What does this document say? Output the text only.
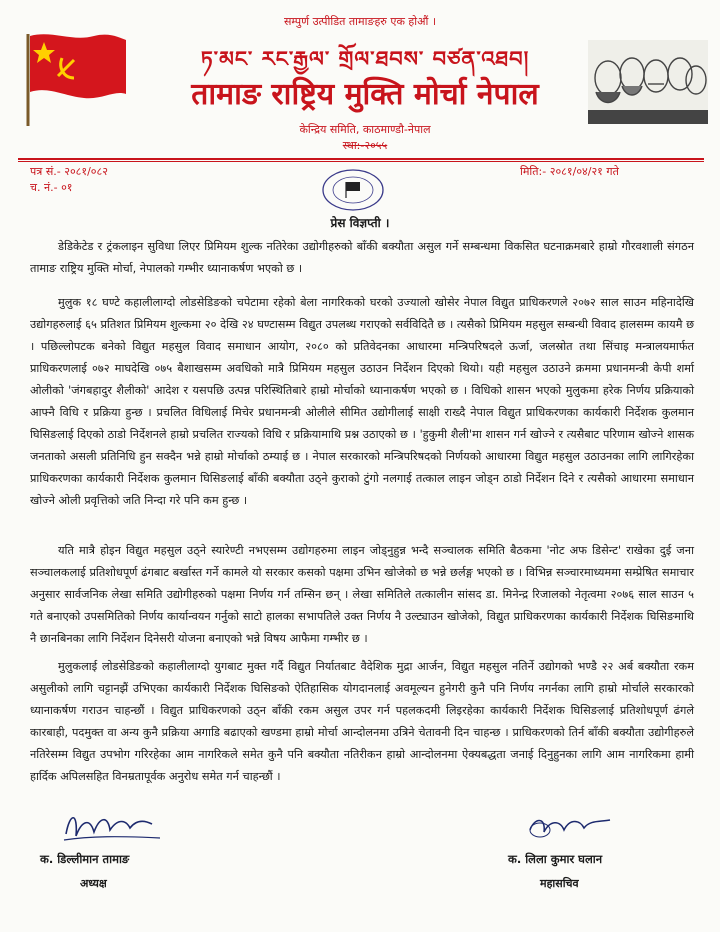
सम्पुर्ण उत्पीडित तामाङहरु एक होऔं ।
ཏ་མང་ རང་རྒྱལ་ གྲོལ་ཐབས་ བཙན་འཐབ།
तामाङ राष्ट्रिय मुक्ति मोर्चा नेपाल
केन्द्रिय समिति, काठमाण्डौ-नेपाल
स्था:-२०५५
पत्र सं.- २०८१/०८२
च. नं.- ०१
मिति:- २०८१/०४/२१ गते
प्रेस विज्ञप्ती ।

डेडिकेटेड र ट्रंकलाइन सुविधा लिएर प्रिमियम शुल्क नतिरेका उद्योगीहरुको बाँकी बक्यौता असुल गर्ने सम्बन्धमा विकसित घटनाक्रमबारे हाम्रो गौरवशाली संगठन तामाङ राष्ट्रिय मुक्ति मोर्चा, नेपालको गम्भीर ध्यानाकर्षण भएको छ ।

मुलुक १८ घण्टे कहालीलाग्दो लोडसेडिङको चपेटामा रहेको बेला नागरिकको घरको उज्यालो खोसेर नेपाल विद्युत प्राधिकरणले २०७२ साल साउन महिनादेखि उद्योगहरुलाई ६५ प्रतिशत प्रिमियम शुल्कमा २० देखि २४ घण्टासम्म विद्युत उपलब्ध गराएको सर्वविदितै छ । त्यसैको प्रिमियम महसुल सम्बन्धी विवाद हालसम्म कायमै छ । पछिल्लोपटक बनेको विद्युत महसुल विवाद समाधान आयोग, २०८० को प्रतिवेदनका आधारमा मन्त्रिपरिषदले ऊर्जा, जलस्रोत तथा सिंचाइ मन्त्रालयमार्फत प्राधिकरणलाई ०७२ माघदेखि ०७५ बैशाखसम्म अवधिको मात्रै प्रिमियम महसुल उठाउन निर्देशन दिएको थियो। यही महसुल उठाउने क्रममा प्रधानमन्त्री केपी शर्मा ओलीको 'जंगबहादुर शैलीको' आदेश र यसपछि उत्पन्न परिस्थितिबारे हाम्रो मोर्चाको ध्यानाकर्षण भएको छ । विधिको शासन भएको मुलुकमा हरेक निर्णय प्रक्रियाको आफ्नै विधि र प्रक्रिया हुन्छ । प्रचलित विधिलाई मिचेर प्रधानमन्त्री ओलीले सीमित उद्योगीलाई साक्षी राख्दै नेपाल विद्युत प्राधिकरणका कार्यकारी निर्देशक कुलमान घिसिङलाई दिएको ठाडो निर्देशनले हाम्रो प्रचलित राज्यको विधि र प्रक्रियामाथि प्रश्न उठाएको छ । 'हुकुमी शैली'मा शासन गर्न खोज्ने र त्यसैबाट परिणाम खोज्ने शासक जनताको असली प्रतिनिधि हुन सक्दैन भन्ने हाम्रो मोर्चाको ठम्याई छ । नेपाल सरकारको मन्त्रिपरिषदको निर्णयको आधारमा विद्युत महसुल उठाउनका लागि लागिरहेका प्राधिकरणका कार्यकारी निर्देशक कुलमान घिसिङलाई बाँकी बक्यौता उठ्ने कुराको टुंगो नलगाई तत्काल लाइन जोड्न ठाडो निर्देशन दिने र त्यसैको आधारमा समाधान खोज्ने ओली प्रवृत्तिको जति निन्दा गरे पनि कम हुन्छ ।

यति मात्रै होइन विद्युत महसुल उठ्ने स्यारेण्टी नभएसम्म उद्योगहरुमा लाइन जोड्नुहुन्न भन्दै सञ्चालक समिति बैठकमा 'नोट अफ डिसेन्ट' राखेका दुई जना सञ्चालकलाई प्रतिशोधपूर्ण ढंगबाट बर्खास्त गर्ने कामले यो सरकार कसको पक्षमा उभिन खोजेको छ भन्ने छर्लङ्ग भएको छ । विभिन्न सञ्चारमाध्यममा सम्प्रेषित समाचार अनुसार सार्वजनिक लेखा समिति उद्योगीहरुको पक्षमा निर्णय गर्न तम्सिन छन् । लेखा समितिले तत्कालीन सांसद डा. मिनेन्द्र रिजालको नेतृत्वमा २०७६ साल साउन ५ गते बनाएको उपसमितिको निर्णय कार्यान्वयन गर्नुको साटो हालका सभापतिले उक्त निर्णय नै उल्ट्याउन खोजेको, विद्युत प्राधिकरणका कार्यकारी निर्देशक घिसिङमाथि नै छानबिनका लागि निर्देशन दिनेसरी योजना बनाएको भन्ने विषय आफैमा गम्भीर छ ।

मुलुकलाई लोडसेडिङको कहालीलाग्दो युगबाट मुक्त गर्दै विद्युत निर्यातबाट वैदेशिक मुद्रा आर्जन, विद्युत महसुल नतिर्ने उद्योगको भण्डै २२ अर्ब बक्यौता रकम असुलीको लागि चट्टानझैं उभिएका कार्यकारी निर्देशक घिसिङको ऐतिहासिक योगदानलाई अवमूल्यन हुनेगरी कुनै पनि निर्णय नगर्नका लागि हाम्रो मोर्चाले सरकारको ध्यानाकर्षण गराउन चाहन्छौं । विद्युत प्राधिकरणको उठ्न बाँकी रकम असुल उपर गर्न पहलकदमी लिइरहेका कार्यकारी निर्देशक घिसिङलाई प्रतिशोधपूर्ण ढंगले कारबाही, पदमुक्त वा अन्य कुनै प्रक्रिया अगाडि बढाएको खण्डमा हाम्रो मोर्चा आन्दोलनमा उत्रिने चेतावनी दिन चाहन्छ । प्राधिकरणको तिर्न बाँकी बक्यौता उद्योगीहरुले नतिरेसम्म विद्युत उपभोग गरिरहेका आम नागरिकले समेत कुनै पनि बक्यौता नतिरीकन हाम्रो आन्दोलनमा ऐक्यबद्धता जनाई दिनुहुनका लागि आम नागरिकमा हामी हार्दिक अपिलसहित विनम्रतापूर्वक अनुरोध समेत गर्न चाहन्छौं ।

क. डिल्लीमान तामाङ	क. लिला कुमार घलान
अध्यक्ष	महासचिव
